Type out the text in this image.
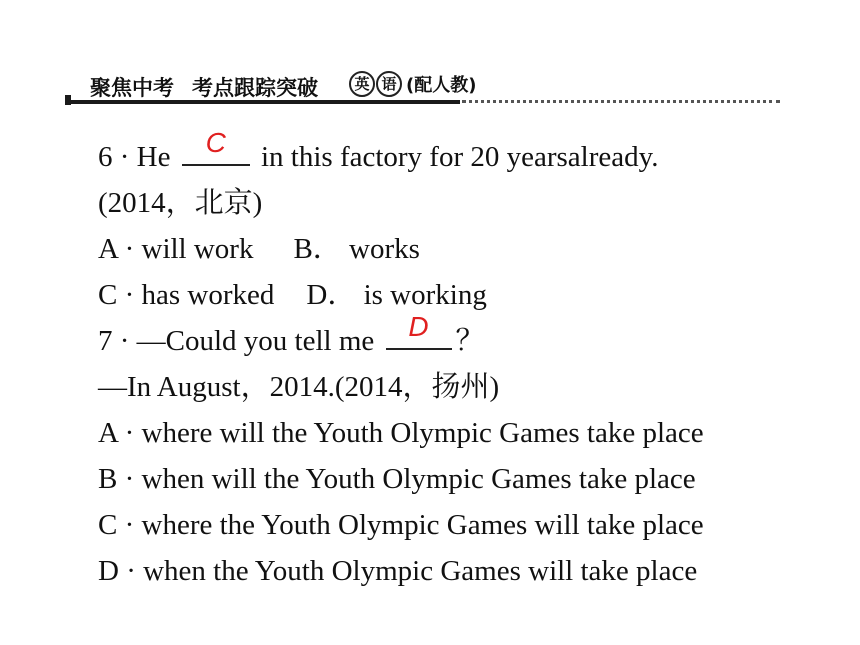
聚焦中考 考点跟踪突破	英 语 (配人教)
6 · He C in this factory for 20 yearsalready.
(2014，北京)
A · will work B． works
C · has worked D． is working
7 · —Could you tell me D ？
—In August，2014.(2014，扬州)
A · where will the Youth Olympic Games take place
B · when will the Youth Olympic Games take place
C · where the Youth Olympic Games will take place
D · when the Youth Olympic Games will take place
